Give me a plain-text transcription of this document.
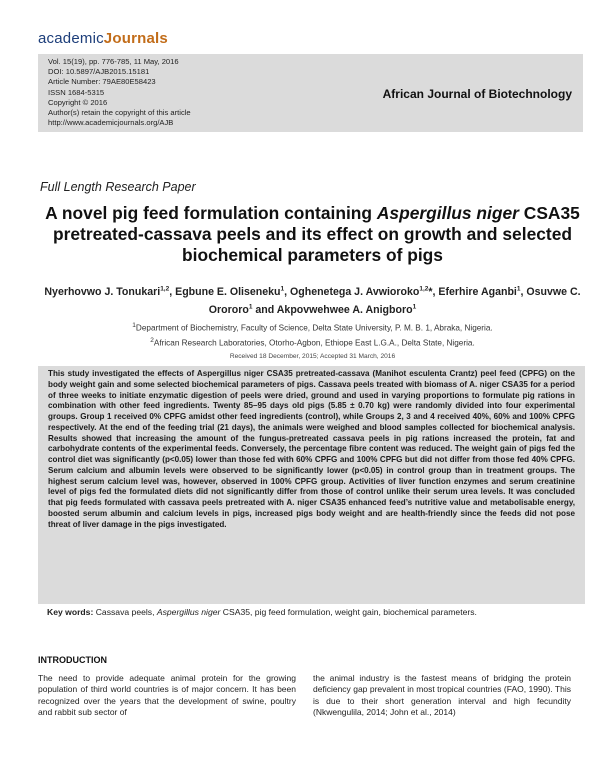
academicJournals
Vol. 15(19), pp. 776-785, 11 May, 2016
DOI: 10.5897/AJB2015.15181
Article Number: 79AE80E58423
ISSN 1684-5315
Copyright © 2016
Author(s) retain the copyright of this article
http://www.academicjournals.org/AJB
African Journal of Biotechnology
Full Length Research Paper
A novel pig feed formulation containing Aspergillus niger CSA35 pretreated-cassava peels and its effect on growth and selected biochemical parameters of pigs
Nyerhovwo J. Tonukari$^{1,2}$, Egbune E. Oliseneku$^1$, Oghenetega J. Avwioroko$^{1,2}$*, Eferhire Aganbi$^1$, Osuvwe C. Orororo$^1$ and Akpovwehwee A. Anigboro$^1$
$^1$Department of Biochemistry, Faculty of Science, Delta State University, P. M. B. 1, Abraka, Nigeria.
$^2$African Research Laboratories, Otorho-Agbon, Ethiope East L.G.A., Delta State, Nigeria.
Received 18 December, 2015; Accepted 31 March, 2016
This study investigated the effects of Aspergillus niger CSA35 pretreated-cassava (Manihot esculenta Crantz) peel feed (CPFG) on the body weight gain and some selected biochemical parameters of pigs. Cassava peels treated with biomass of A. niger CSA35 for a period of three weeks to initiate enzymatic digestion of peels were dried, ground and used in varying proportions to formulate pig rations in combination with other feed ingredients. Twenty 85–95 days old pigs (5.85 ± 0.70 kg) were randomly divided into four experimental groups. Group 1 received 0% CPFG amidst other feed ingredients (control), while Groups 2, 3 and 4 received 40%, 60% and 100% CPFG respectively. At the end of the feeding trial (21 days), the animals were weighed and blood samples collected for biochemical analysis. Results showed that increasing the amount of the fungus-pretreated cassava peels in pig rations increased the protein, fat and carbohydrate contents of the experimental feeds. Conversely, the percentage fibre content was reduced. The weight gain of pigs fed the control diet was significantly (p<0.05) lower than those fed with 60% CPFG and 100% CPFG but did not differ from those fed 40% CPFG. Serum calcium and albumin levels were observed to be significantly lower (p<0.05) in control group than in treatment groups. The highest serum calcium level was, however, observed in 100% CPFG group. Activities of liver function enzymes and serum creatinine level of pigs fed the formulated diets did not significantly differ from those of control unlike their serum urea levels. It was concluded that pig feeds formulated with cassava peels pretreated with A. niger CSA35 enhanced feed’s nutritive value and metabolisable energy, boosted serum albumin and calcium levels in pigs, increased pigs body weight and are health-friendly since the feeds did not pose threat of liver damage in the pigs investigated.
Key words: Cassava peels, Aspergillus niger CSA35, pig feed formulation, weight gain, biochemical parameters.
INTRODUCTION
The need to provide adequate animal protein for the growing population of third world countries is of major concern. It has been recognized over the years that the development of swine, poultry and rabbit sub sector of
the animal industry is the fastest means of bridging the protein deficiency gap prevalent in most tropical countries (FAO, 1990). This is due to their short generation interval and high fecundity (Nkwengulila, 2014; John et al., 2014)
